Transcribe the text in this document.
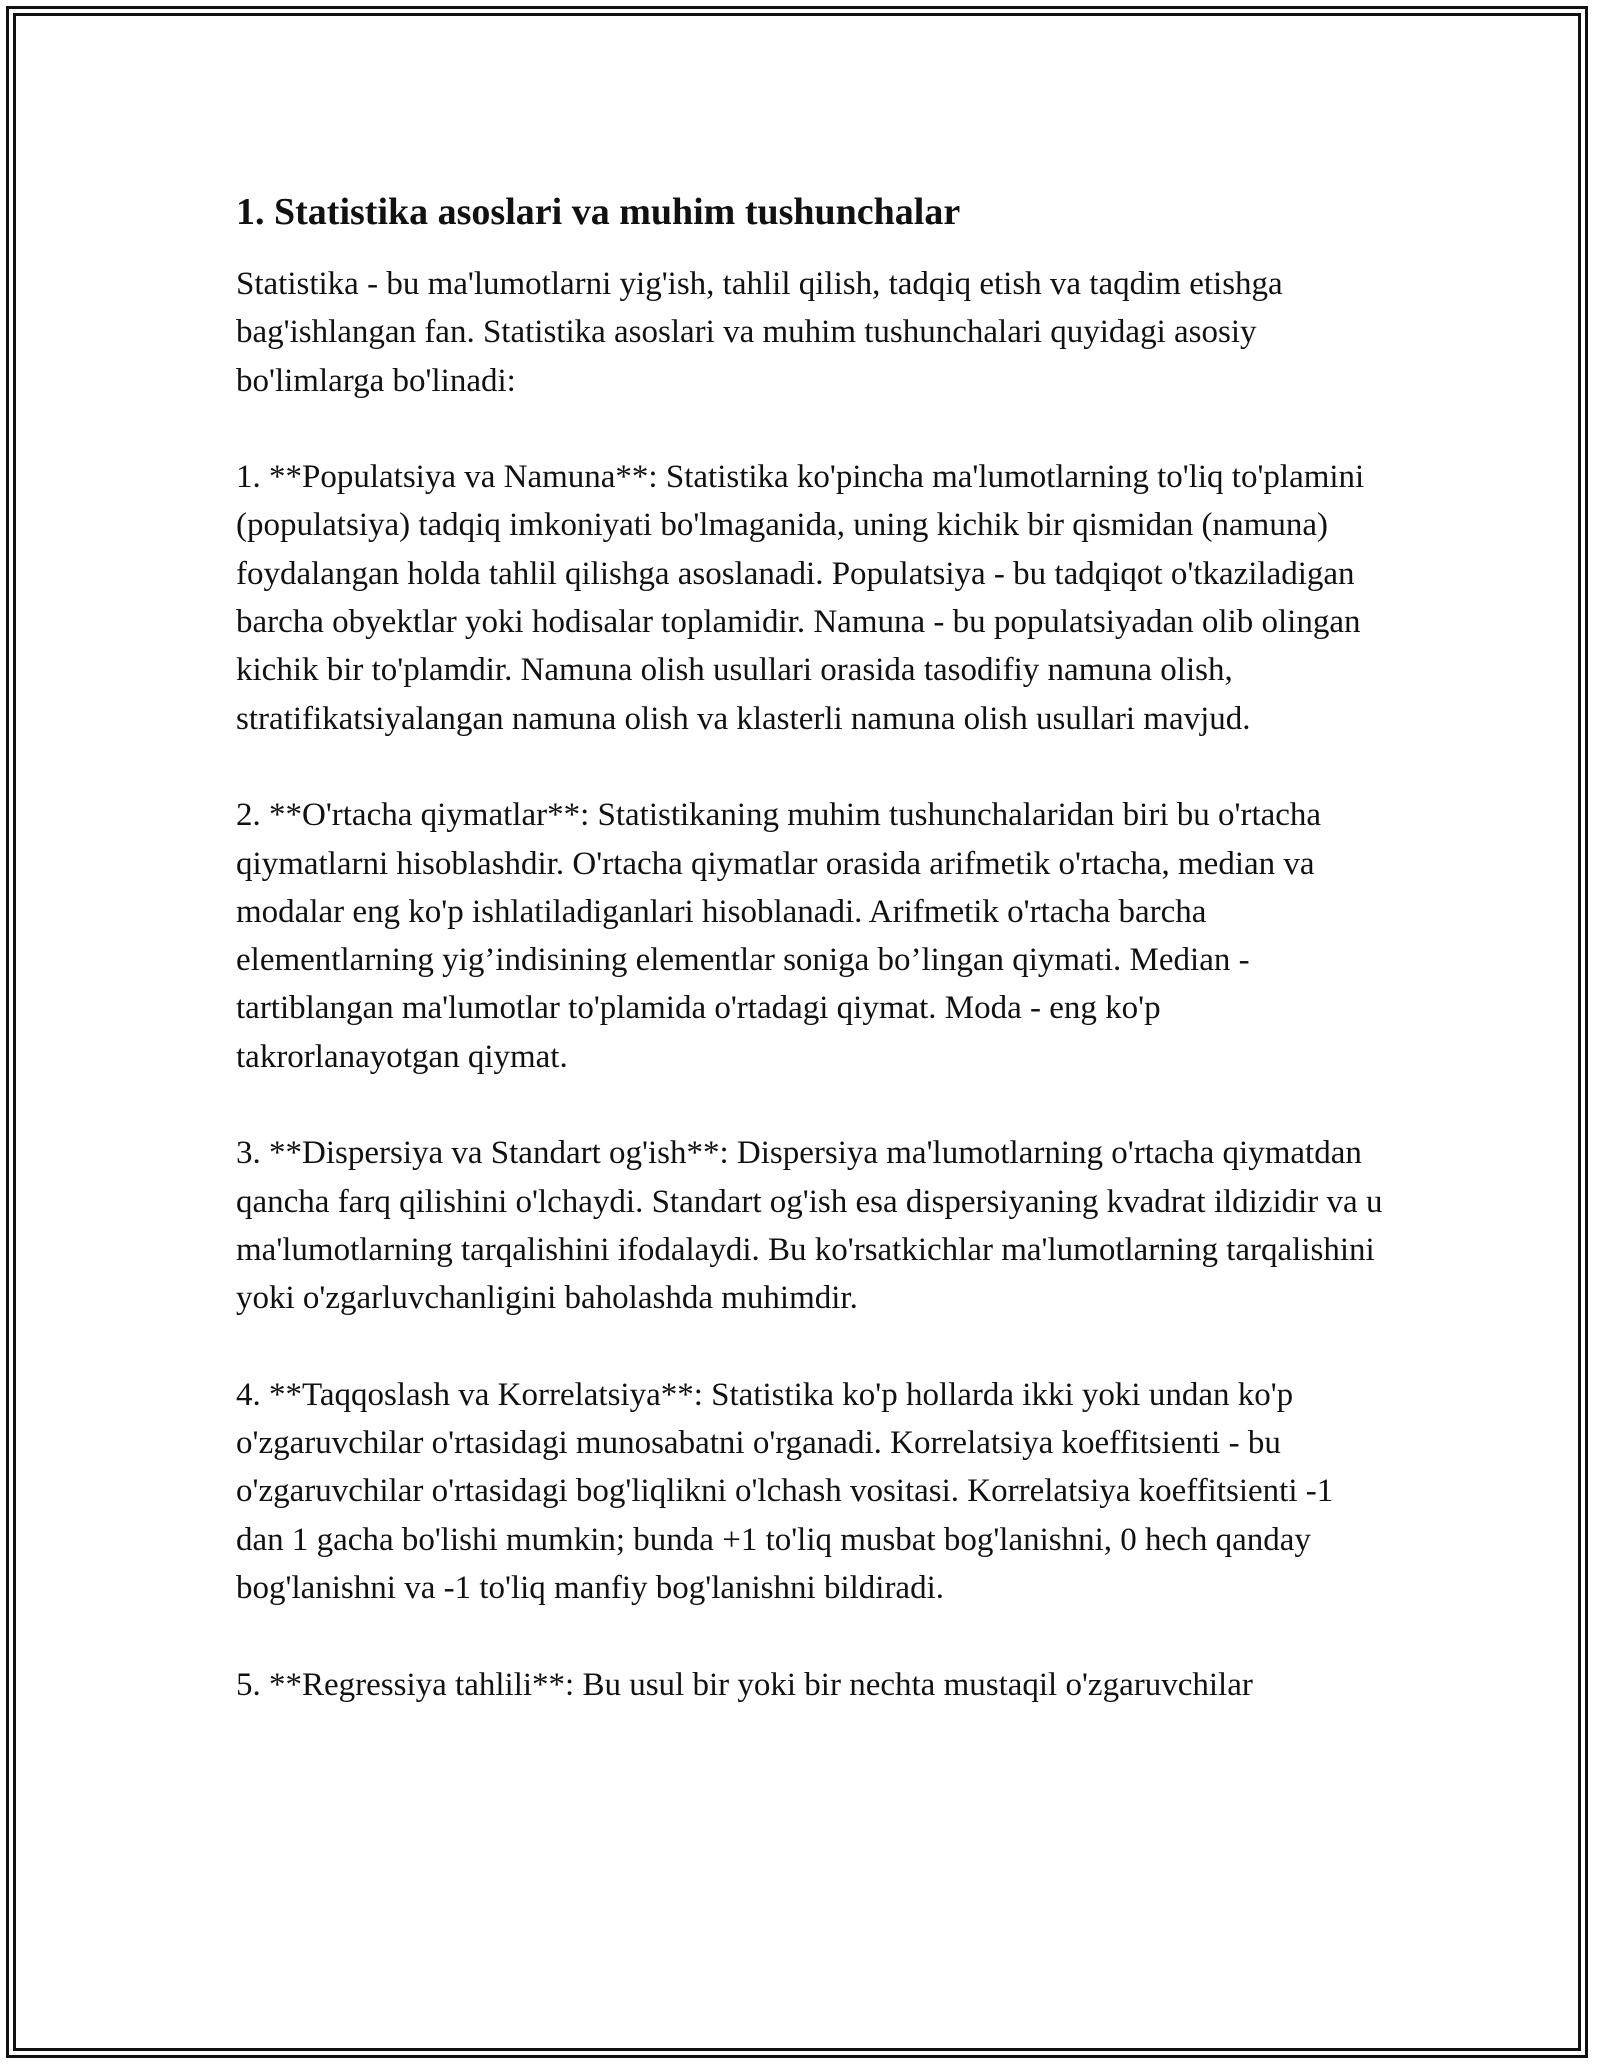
1. Statistika asoslari va muhim tushunchalar

Statistika - bu ma'lumotlarni yig'ish, tahlil qilish, tadqiq etish va taqdim etishga bag'ishlangan fan. Statistika asoslari va muhim tushunchalari quyidagi asosiy bo'limlarga bo'linadi:

1. **Populatsiya va Namuna**: Statistika ko'pincha ma'lumotlarning to'liq to'plamini (populatsiya) tadqiq imkoniyati bo'lmaganida, uning kichik bir qismidan (namuna) foydalangan holda tahlil qilishga asoslanadi. Populatsiya - bu tadqiqot o'tkaziladigan barcha obyektlar yoki hodisalar toplamidir. Namuna - bu populatsiyadan olib olingan kichik bir to'plamdir. Namuna olish usullari orasida tasodifiy namuna olish, stratifikatsiyalangan namuna olish va klasterli namuna olish usullari mavjud.

2. **O'rtacha qiymatlar**: Statistikaning muhim tushunchalaridan biri bu o'rtacha qiymatlarni hisoblashdir. O'rtacha qiymatlar orasida arifmetik o'rtacha, median va modalar eng ko'p ishlatiladiganlari hisoblanadi. Arifmetik o'rtacha barcha elementlarning yig’indisining elementlar soniga bo’lingan qiymati. Median - tartiblangan ma'lumotlar to'plamida o'rtadagi qiymat. Moda - eng ko'p takrorlanayotgan qiymat.

3. **Dispersiya va Standart og'ish**: Dispersiya ma'lumotlarning o'rtacha qiymatdan qancha farq qilishini o'lchaydi. Standart og'ish esa dispersiyaning kvadrat ildizidir va u ma'lumotlarning tarqalishini ifodalaydi. Bu ko'rsatkichlar ma'lumotlarning tarqalishini yoki o'zgarluvchanligini baholashda muhimdir.

4. **Taqqoslash va Korrelatsiya**: Statistika ko'p hollarda ikki yoki undan ko'p o'zgaruvchilar o'rtasidagi munosabatni o'rganadi. Korrelatsiya koeffitsienti - bu o'zgaruvchilar o'rtasidagi bog'liqlikni o'lchash vositasi. Korrelatsiya koeffitsienti -1 dan 1 gacha bo'lishi mumkin; bunda +1 to'liq musbat bog'lanishni, 0 hech qanday bog'lanishni va -1 to'liq manfiy bog'lanishni bildiradi.

5. **Regressiya tahlili**: Bu usul bir yoki bir nechta mustaqil o'zgaruvchilar
